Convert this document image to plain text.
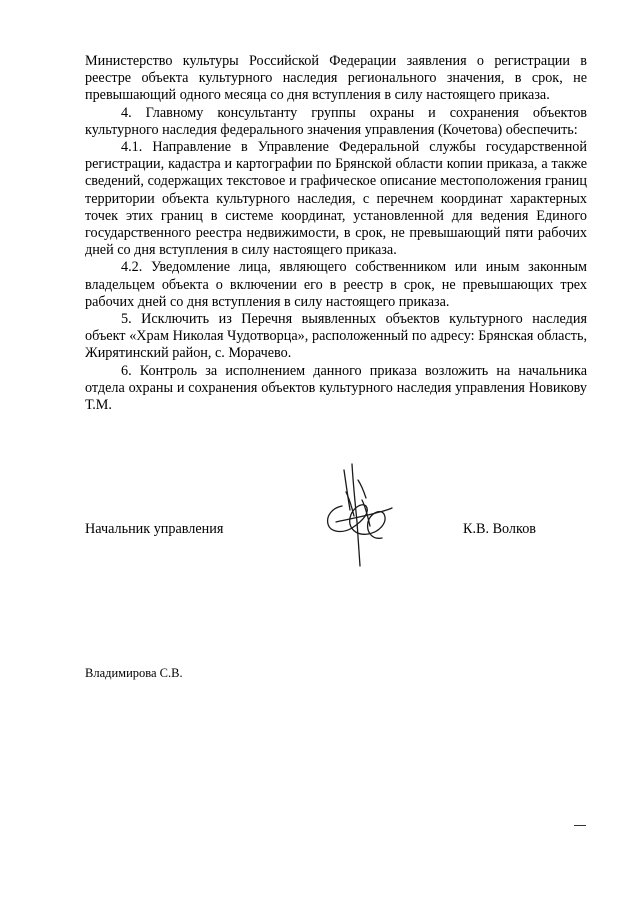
Министерство культуры Российской Федерации заявления о регистрации в реестре объекта культурного наследия регионального значения, в срок, не превышающий одного месяца со дня вступления в силу настоящего приказа.

4. Главному консультанту группы охраны и сохранения объектов культурного наследия федерального значения управления (Кочетова) обеспечить:

4.1. Направление в Управление Федеральной службы государственной регистрации, кадастра и картографии по Брянской области копии приказа, а также сведений, содержащих текстовое и графическое описание местоположения границ территории объекта культурного наследия, с перечнем координат характерных точек этих границ в системе координат, установленной для ведения Единого государственного реестра недвижимости, в срок, не превышающий пяти рабочих дней со дня вступления в силу настоящего приказа.

4.2. Уведомление лица, являющего собственником или иным законным владельцем объекта о включении его в реестр в срок, не превышающих трех рабочих дней со дня вступления в силу настоящего приказа.

5. Исключить из Перечня выявленных объектов культурного наследия объект «Храм Николая Чудотворца», расположенный по адресу: Брянская область, Жирятинский район, с. Морачево.

6. Контроль за исполнением данного приказа возложить на начальника отдела охраны и сохранения объектов культурного наследия управления Новикову Т.М.

Начальник управления	К.В. Волков
Владимирова С.В.
